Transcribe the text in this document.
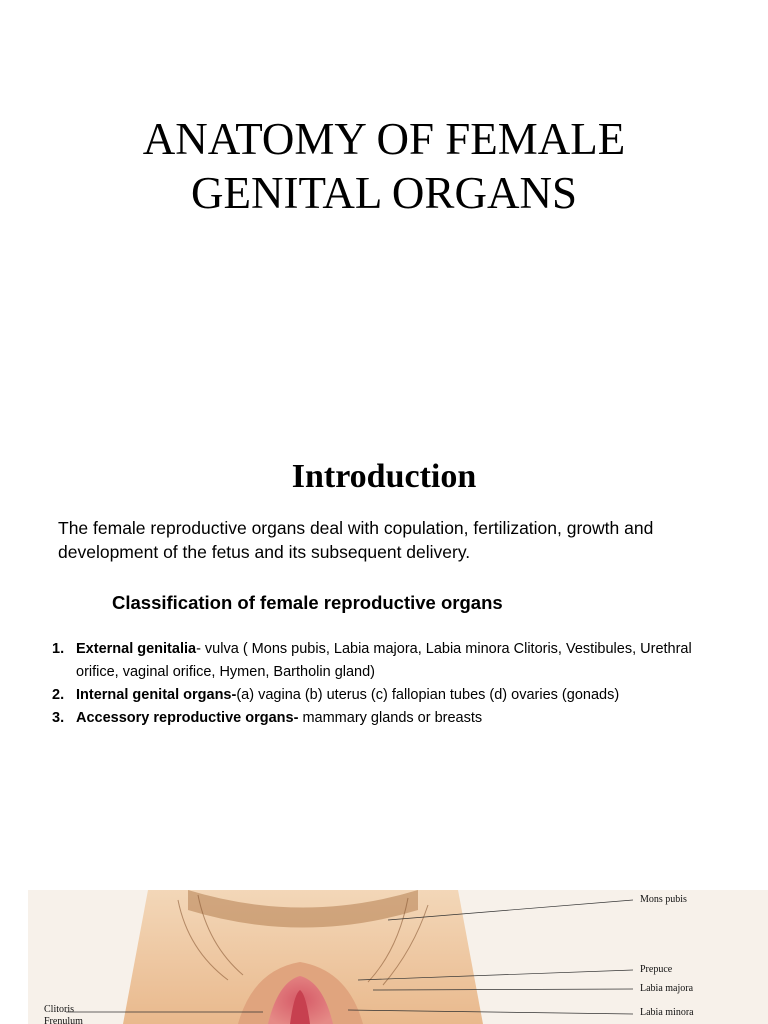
ANATOMY OF FEMALE
GENITAL ORGANS
Introduction
The female reproductive organs deal with copulation, fertilization, growth and development of the fetus and its subsequent delivery.
Classification of female reproductive organs
1. External genitalia- vulva ( Mons pubis, Labia majora, Labia minora Clitoris, Vestibules, Urethral orifice, vaginal orifice, Hymen, Bartholin gland)
2. Internal genital organs-(a) vagina (b) uterus (c) fallopian tubes (d) ovaries (gonads)
3. Accessory reproductive organs- mammary glands or breasts
Mons pubis
Prepuce
Labia majora
Labia minora
Clitoris
Frenulum
